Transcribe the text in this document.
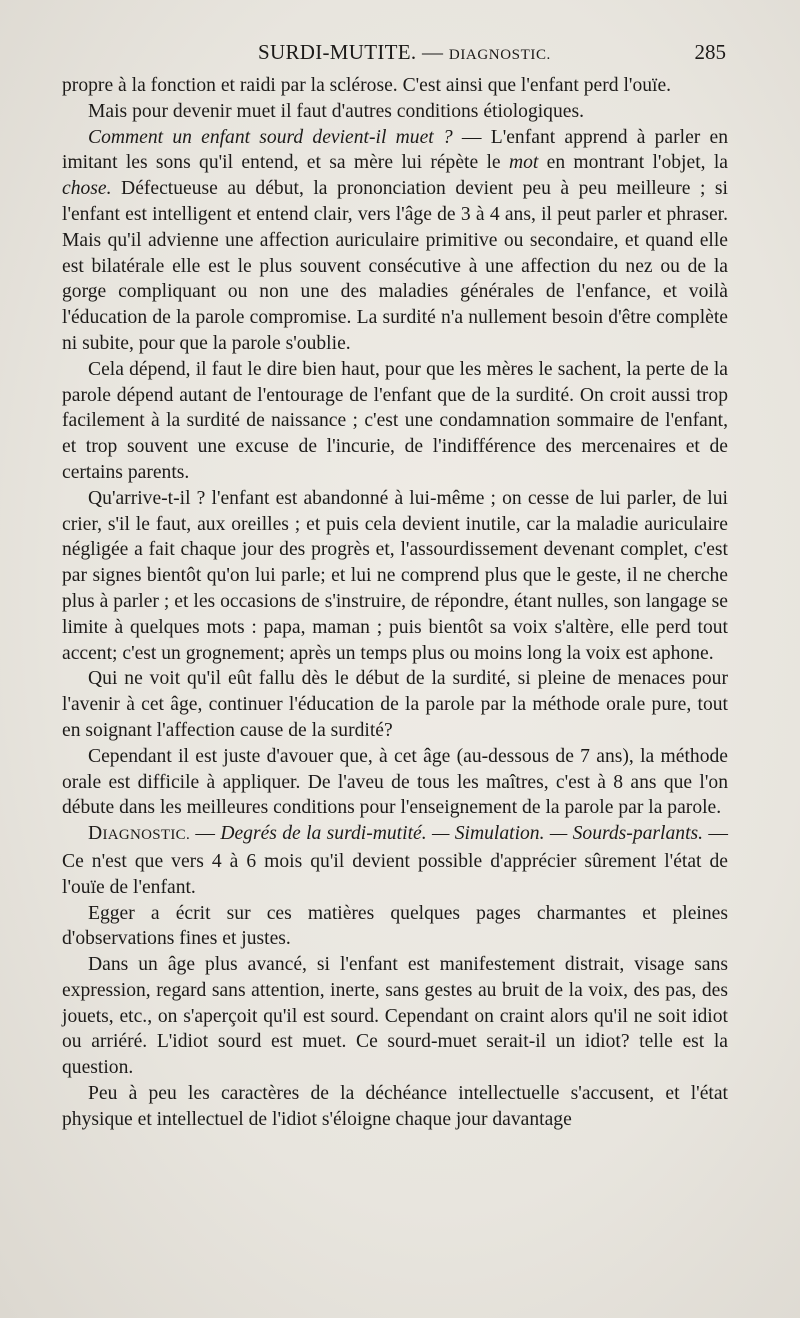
SURDI-MUTITE. — DIAGNOSTIC.	285

propre à la fonction et raidi par la sclérose. C'est ainsi que l'enfant perd l'ouïe.

Mais pour devenir muet il faut d'autres conditions étiologiques.

Comment un enfant sourd devient-il muet ? — L'enfant apprend à parler en imitant les sons qu'il entend, et sa mère lui répète le mot en montrant l'objet, la chose. Défectueuse au début, la prononciation devient peu à peu meilleure ; si l'enfant est intelligent et entend clair, vers l'âge de 3 à 4 ans, il peut parler et phraser. Mais qu'il advienne une affection auriculaire primitive ou secondaire, et quand elle est bilatérale elle est le plus souvent consécutive à une affection du nez ou de la gorge compliquant ou non une des maladies générales de l'enfance, et voilà l'éducation de la parole compromise. La surdité n'a nullement besoin d'être complète ni subite, pour que la parole s'oublie.

Cela dépend, il faut le dire bien haut, pour que les mères le sachent, la perte de la parole dépend autant de l'entourage de l'enfant que de la surdité. On croit aussi trop facilement à la surdité de naissance ; c'est une condamnation sommaire de l'enfant, et trop souvent une excuse de l'incurie, de l'indifférence des mercenaires et de certains parents.

Qu'arrive-t-il ? l'enfant est abandonné à lui-même ; on cesse de lui parler, de lui crier, s'il le faut, aux oreilles ; et puis cela devient inutile, car la maladie auriculaire négligée a fait chaque jour des progrès et, l'assourdissement devenant complet, c'est par signes bientôt qu'on lui parle; et lui ne comprend plus que le geste, il ne cherche plus à parler ; et les occasions de s'instruire, de répondre, étant nulles, son langage se limite à quelques mots : papa, maman ; puis bientôt sa voix s'altère, elle perd tout accent; c'est un grognement; après un temps plus ou moins long la voix est aphone.

Qui ne voit qu'il eût fallu dès le début de la surdité, si pleine de menaces pour l'avenir à cet âge, continuer l'éducation de la parole par la méthode orale pure, tout en soignant l'affection cause de la surdité?

Cependant il est juste d'avouer que, à cet âge (au-dessous de 7 ans), la méthode orale est difficile à appliquer. De l'aveu de tous les maîtres, c'est à 8 ans que l'on débute dans les meilleures conditions pour l'enseignement de la parole par la parole.

DIAGNOSTIC. — Degrés de la surdi-mutité. — Simulation. — Sourds-parlants. — Ce n'est que vers 4 à 6 mois qu'il devient possible d'apprécier sûrement l'état de l'ouïe de l'enfant.

Egger a écrit sur ces matières quelques pages charmantes et pleines d'observations fines et justes.

Dans un âge plus avancé, si l'enfant est manifestement distrait, visage sans expression, regard sans attention, inerte, sans gestes au bruit de la voix, des pas, des jouets, etc., on s'aperçoit qu'il est sourd. Cependant on craint alors qu'il ne soit idiot ou arriéré. L'idiot sourd est muet. Ce sourd-muet serait-il un idiot? telle est la question.

Peu à peu les caractères de la déchéance intellectuelle s'accusent, et l'état physique et intellectuel de l'idiot s'éloigne chaque jour davantage
